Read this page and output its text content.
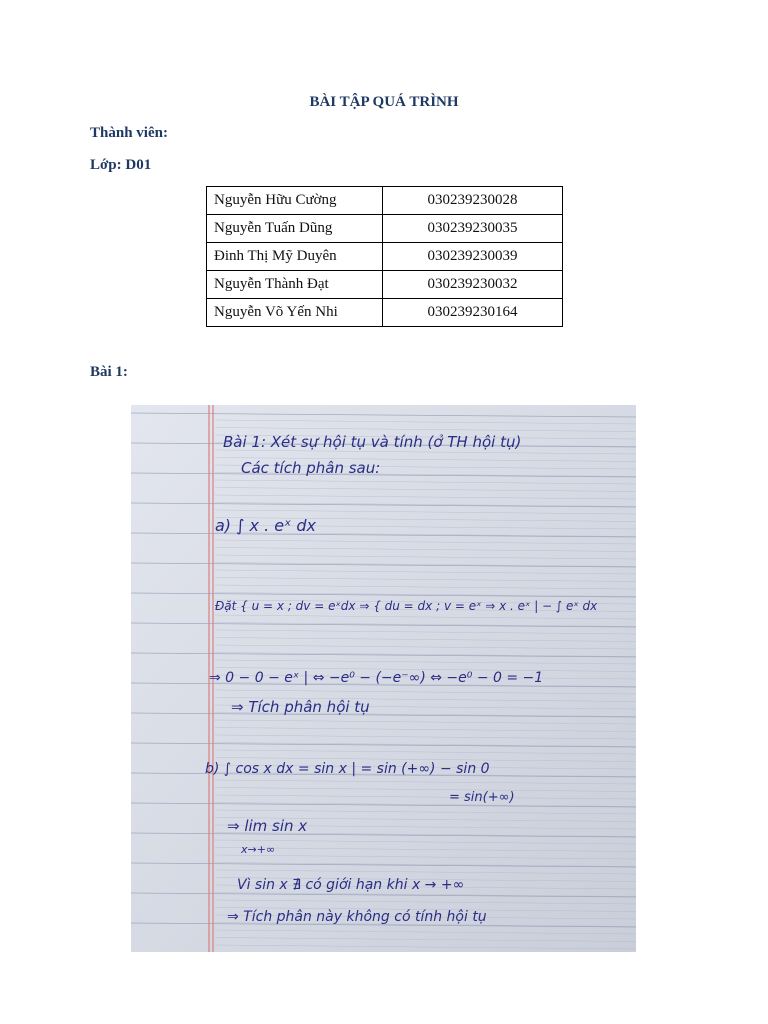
BÀI TẬP QUÁ TRÌNH
Thành viên:
Lớp: D01
Nguyễn Hữu Cường	030239230028
Nguyễn Tuấn Dũng	030239230035
Đinh Thị Mỹ Duyên	030239230039
Nguyễn Thành Đạt	030239230032
Nguyễn Võ Yến Nhi	030239230164
Bài 1:
Bài 1: Xét sự hội tụ và tính (ở TH hội tụ)
Các tích phân sau:
a) ∫ x . eˣ dx
Đặt { u = x ; dv = eˣdx ⇒ { du = dx ; v = eˣ ⇒ x . eˣ | − ∫ eˣ dx
⇒ 0 − 0 − eˣ | ⇔ −e⁰ − (−e⁻∞) ⇔ −e⁰ − 0 = −1
⇒ Tích phân hội tụ
b) ∫ cos x dx = sin x | = sin (+∞) − sin 0
= sin(+∞)
⇒ lim sin x
x→+∞
Vì sin x ∄ có giới hạn khi x → +∞
⇒ Tích phân này không có tính hội tụ
